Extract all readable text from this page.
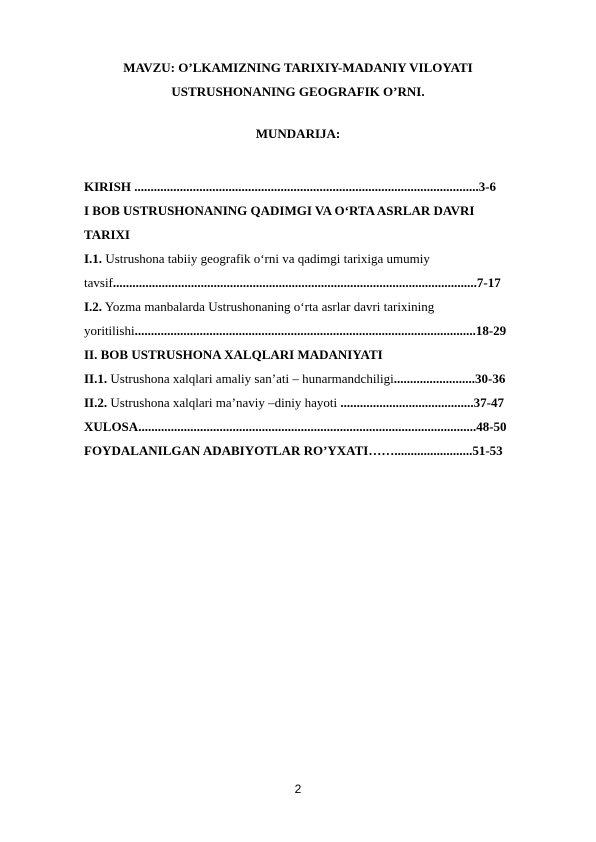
MAVZU: O’LKAMIZNING TARIXIY-MADANIY VILOYATI
USTRUSHONANING GEOGRAFIK O’RNI.
MUNDARIJA:
KIRISH ..........................................................................................................3-6
I BOB USTRUSHONANING QADIMGI VA O‘RTA ASRLAR DAVRI
TARIXI
I.1. Ustrushona tabiiy geografik o‘rni va qadimgi tarixiga umumiy
tavsif................................................................................................................7-17
I.2. Yozma manbalarda Ustrushonaning o‘rta asrlar davri tarixining
yoritilishi.........................................................................................................18-29
II. BOB USTRUSHONA XALQLARI MADANIYATI
II.1. Ustrushona xalqlari amaliy san’ati – hunarmandchiligi.........................30-36
II.2. Ustrushona xalqlari ma’naviy –diniy hayoti .........................................37-47
XULOSA........................................................................................................48-50
FOYDALANILGAN ADABIYOTLAR RO’YXATI……........................51-53
2
